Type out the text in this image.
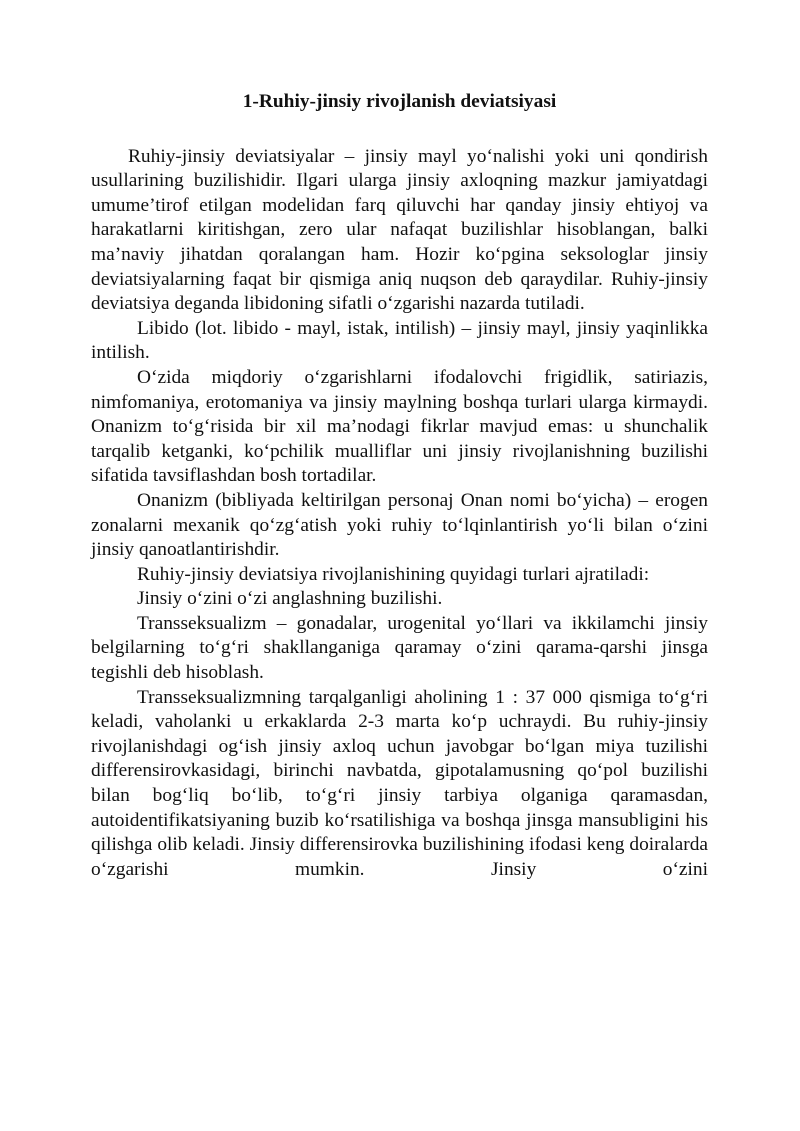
1-Ruhiy-jinsiy rivojlanish deviatsiyasi

Ruhiy-jinsiy deviatsiyalar – jinsiy mayl yo‘nalishi yoki uni qondirish usullarining buzilishidir. Ilgari ularga jinsiy axloqning mazkur jamiyatdagi umume’tirof etilgan modelidan farq qiluvchi har qanday jinsiy ehtiyoj va harakatlarni kiritishgan, zero ular nafaqat buzilishlar hisoblangan, balki ma’naviy jihatdan qoralangan ham. Hozir ko‘pgina seksologlar jinsiy deviatsiyalarning faqat bir qismiga aniq nuqson deb qaraydilar. Ruhiy-jinsiy deviatsiya deganda libidoning sifatli o‘zgarishi nazarda tutiladi.

Libido (lot. libido - mayl, istak, intilish) – jinsiy mayl, jinsiy yaqinlikka intilish.

O‘zida miqdoriy o‘zgarishlarni ifodalovchi frigidlik, satiriazis, nimfomaniya, erotomaniya va jinsiy maylning boshqa turlari ularga kirmaydi. Onanizm to‘g‘risida bir xil ma’nodagi fikrlar mavjud emas: u shunchalik tarqalib ketganki, ko‘pchilik mualliflar uni jinsiy rivojlanishning buzilishi sifatida tavsiflashdan bosh tortadilar.

Onanizm (bibliyada keltirilgan personaj Onan nomi bo‘yicha) – erogen zonalarni mexanik qo‘zg‘atish yoki ruhiy to‘lqinlantirish yo‘li bilan o‘zini jinsiy qanoatlantirishdir.

Ruhiy-jinsiy deviatsiya rivojlanishining quyidagi turlari ajratiladi:

Jinsiy o‘zini o‘zi anglashning buzilishi.

Transseksualizm – gonadalar, urogenital yo‘llari va ikkilamchi jinsiy belgilarning to‘g‘ri shakllanganiga qaramay o‘zini qarama-qarshi jinsga tegishli deb hisoblash.

Transseksualizmning tarqalganligi aholining 1 : 37 000 qismiga to‘g‘ri keladi, vaholanki u erkaklarda 2-3 marta ko‘p uchraydi. Bu ruhiy-jinsiy rivojlanishdagi og‘ish jinsiy axloq uchun javobgar bo‘lgan miya tuzilishi differensirovkasidagi, birinchi navbatda, gipotalamusning qo‘pol buzilishi bilan bog‘liq bo‘lib, to‘g‘ri jinsiy tarbiya olganiga qaramasdan, autoidentifikatsiyaning buzib ko‘rsatilishiga va boshqa jinsga mansubligini his qilishga olib keladi. Jinsiy differensirovka buzilishining ifodasi keng doiralarda o‘zgarishi mumkin. Jinsiy o‘zini
